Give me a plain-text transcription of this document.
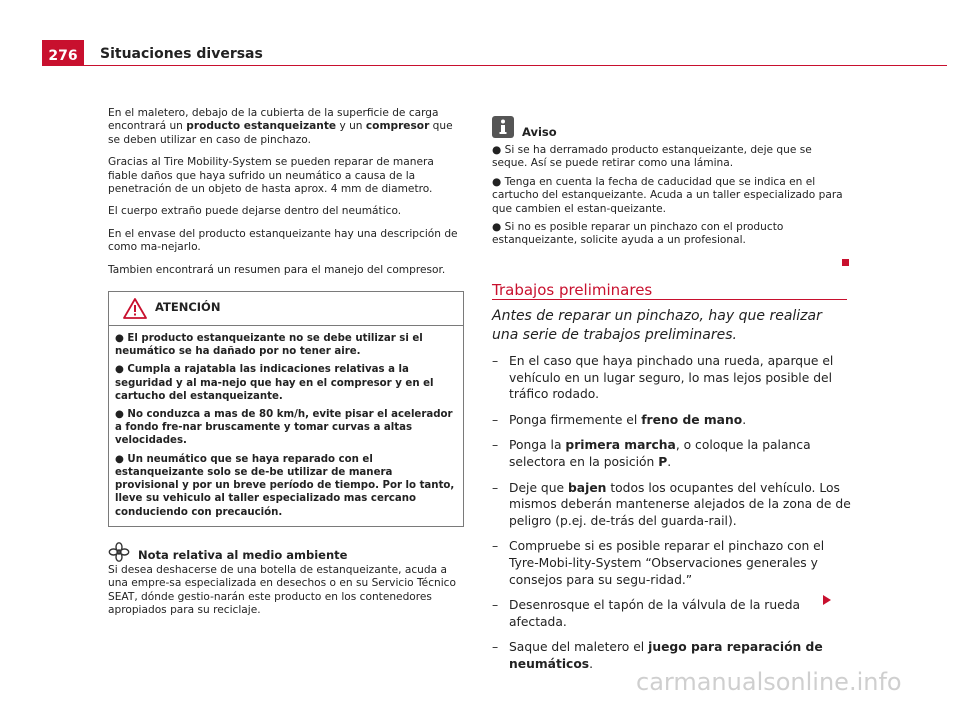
276	Situaciones diversas

En el maletero, debajo de la cubierta de la superficie de carga encontrará un producto estanqueizante y un compresor que se deben utilizar en caso de pinchazo.

Gracias al Tire Mobility-System se pueden reparar de manera fiable daños que haya sufrido un neumático a causa de la penetración de un objeto de hasta aprox. 4 mm de diametro.

El cuerpo extraño puede dejarse dentro del neumático.

En el envase del producto estanqueizante hay una descripción de como ma-nejarlo.

Tambien encontrará un resumen para el manejo del compresor.

ATENCIÓN

● El producto estanqueizante no se debe utilizar si el neumático se ha dañado por no tener aire.

● Cumpla a rajatabla las indicaciones relativas a la seguridad y al ma-nejo que hay en el compresor y en el cartucho del estanqueizante.

● No conduzca a mas de 80 km/h, evite pisar el acelerador a fondo fre-nar bruscamente y tomar curvas a altas velocidades.

● Un neumático que se haya reparado con el estanqueizante solo se de-be utilizar de manera provisional y por un breve período de tiempo. Por lo tanto, lleve su vehiculo al taller especializado mas cercano conduciendo con precaución.

Nota relativa al medio ambiente

Si desea deshacerse de una botella de estanqueizante, acuda a una empre-sa especializada en desechos o en su Servicio Técnico SEAT, dónde gestio-narán este producto en los contenedores apropiados para su reciclaje.

Aviso

● Si se ha derramado producto estanqueizante, deje que se seque. Así se puede retirar como una lámina.

● Tenga en cuenta la fecha de caducidad que se indica en el cartucho del estanqueizante. Acuda a un taller especializado para que cambien el estan-queizante.

● Si no es posible reparar un pinchazo con el producto estanqueizante, solicite ayuda a un profesional.

Trabajos preliminares
Antes de reparar un pinchazo, hay que realizar una serie de trabajos preliminares.
– En el caso que haya pinchado una rueda, aparque el vehículo en un lugar seguro, lo mas lejos posible del tráfico rodado.
– Ponga firmemente el freno de mano.
– Ponga la primera marcha, o coloque la palanca selectora en la posición P.
– Deje que bajen todos los ocupantes del vehículo. Los mismos deberán mantenerse alejados de la zona de de peligro (p.ej. de-trás del guarda-rail).
– Compruebe si es posible reparar el pinchazo con el Tyre-Mobi-lity-System “Observaciones generales y consejos para su segu-ridad.”
– Desenrosque el tapón de la válvula de la rueda afectada.
– Saque del maletero el juego para reparación de neumáticos.
carmanualsonline.info
